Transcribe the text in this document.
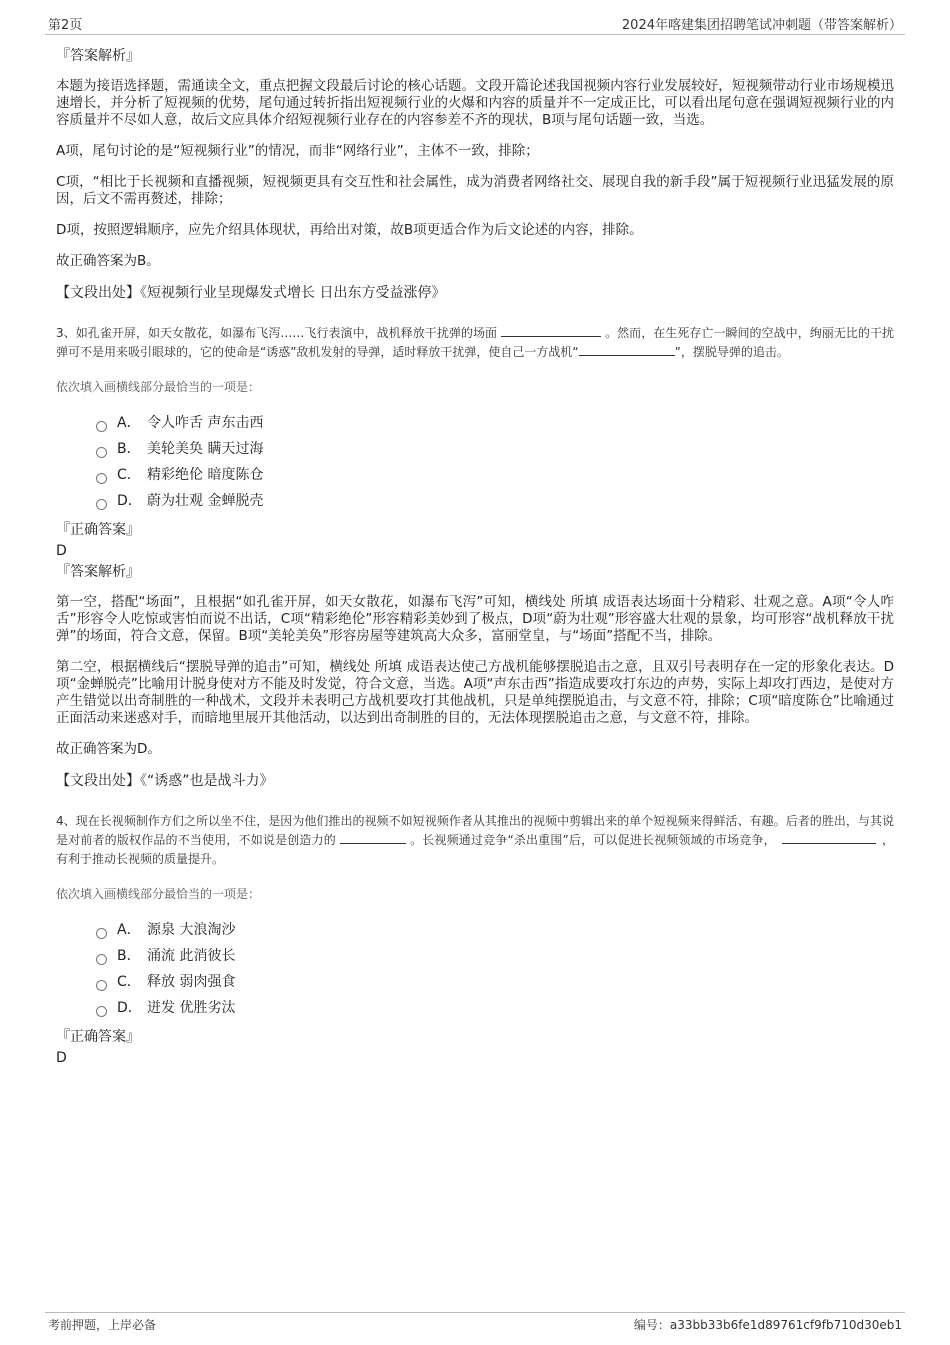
第2页	2024年喀建集团招聘笔试冲刺题（带答案解析）
『答案解析』

本题为接语选择题，需通读全文，重点把握文段最后讨论的核心话题。文段开篇论述我国视频内容行业发展较好，短视频带动行业市场规模迅速增长，并分析了短视频的优势，尾句通过转折指出短视频行业的火爆和内容的质量并不一定成正比，可以看出尾句意在强调短视频行业的内容质量并不尽如人意，故后文应具体介绍短视频行业存在的内容参差不齐的现状，B项与尾句话题一致，当选。

A项，尾句讨论的是“短视频行业”的情况，而非“网络行业”，主体不一致，排除；

C项，“相比于长视频和直播视频，短视频更具有交互性和社会属性，成为消费者网络社交、展现自我的新手段”属于短视频行业迅猛发展的原因，后文不需再赘述，排除；

D项，按照逻辑顺序，应先介绍具体现状，再给出对策，故B项更适合作为后文论述的内容，排除。

故正确答案为B。

【文段出处】《短视频行业呈现爆发式增长 日出东方受益涨停》
3、如孔雀开屏，如天女散花，如瀑布飞泻……飞行表演中，战机释放干扰弹的场面	。然而，在生死存亡一瞬间的空战中，绚丽无比的干扰弹可不是用来吸引眼球的，它的使命是“诱惑”敌机发射的导弹，适时释放干扰弹，使自己一方战机“	”，摆脱导弹的追击。
依次填入画横线部分最恰当的一项是：
A． 令人咋舌 声东击西
B． 美轮美奂 瞒天过海
C． 精彩绝伦 暗度陈仓
D． 蔚为壮观 金蝉脱壳
『正确答案』
D
『答案解析』

第一空，搭配“场面”，且根据“如孔雀开屏，如天女散花，如瀑布飞泻”可知，横线处 所填 成语表达场面十分精彩、壮观之意。A项“令人咋舌”形容令人吃惊或害怕而说不出话，C项“精彩绝伦”形容精彩美妙到了极点，D项“蔚为壮观”形容盛大壮观的景象，均可形容“战机释放干扰弹”的场面，符合文意，保留。B项“美轮美奂”形容房屋等建筑高大众多，富丽堂皇，与“场面”搭配不当，排除。

第二空，根据横线后“摆脱导弹的追击”可知，横线处 所填 成语表达使己方战机能够摆脱追击之意，且双引号表明存在一定的形象化表达。D项“金蝉脱壳”比喻用计脱身使对方不能及时发觉，符合文意，当选。A项“声东击西”指造成要攻打东边的声势，实际上却攻打西边，是使对方产生错觉以出奇制胜的一种战术，文段并未表明己方战机要攻打其他战机，只是单纯摆脱追击，与文意不符，排除；C项“暗度陈仓”比喻通过正面活动来迷惑对手，而暗地里展开其他活动，以达到出奇制胜的目的，无法体现摆脱追击之意，与文意不符，排除。

故正确答案为D。

【文段出处】《“诱惑”也是战斗力》
4、现在长视频制作方们之所以坐不住，是因为他们推出的视频不如短视频作者从其推出的视频中剪辑出来的单个短视频来得鲜活、有趣。后者的胜出，与其说是对前者的版权作品的不当使用，不如说是创造力的	。长视频通过竞争“杀出重围”后，可以促进长视频领域的市场竞争，	，有利于推动长视频的质量提升。
依次填入画横线部分最恰当的一项是：
A． 源泉 大浪淘沙
B． 涌流 此消彼长
C． 释放 弱肉强食
D． 迸发 优胜劣汰
『正确答案』
D
考前押题，上岸必备	编号：a33bb33b6fe1d89761cf9fb710d30eb1
